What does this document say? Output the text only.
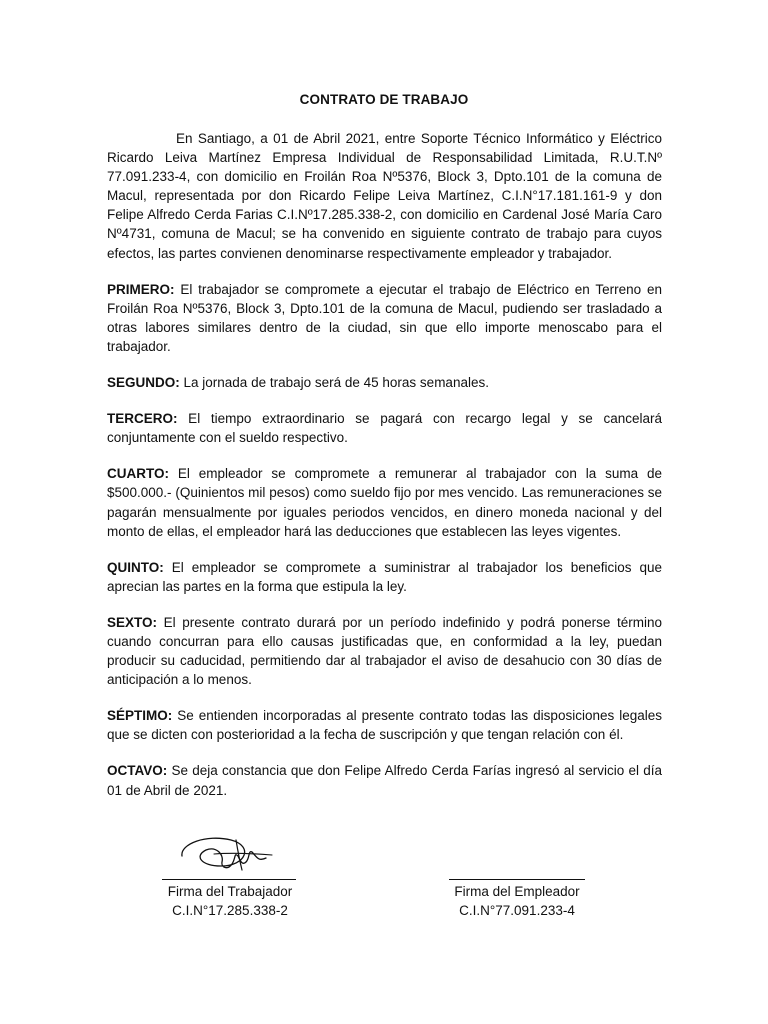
CONTRATO DE TRABAJO

En Santiago, a 01 de Abril 2021, entre Soporte Técnico Informático y Eléctrico Ricardo Leiva Martínez Empresa Individual de Responsabilidad Limitada, R.U.T.Nº 77.091.233-4, con domicilio en Froilán Roa Nº5376, Block 3, Dpto.101 de la comuna de Macul, representada por don Ricardo Felipe Leiva Martínez, C.I.N°17.181.161-9 y don Felipe Alfredo Cerda Farias C.I.Nº17.285.338-2, con domicilio en Cardenal José María Caro Nº4731, comuna de Macul; se ha convenido en siguiente contrato de trabajo para cuyos efectos, las partes convienen denominarse respectivamente empleador y trabajador.

PRIMERO: El trabajador se compromete a ejecutar el trabajo de Eléctrico en Terreno en Froilán Roa Nº5376, Block 3, Dpto.101 de la comuna de Macul, pudiendo ser trasladado a otras labores similares dentro de la ciudad, sin que ello importe menoscabo para el trabajador.

SEGUNDO: La jornada de trabajo será de 45 horas semanales.

TERCERO: El tiempo extraordinario se pagará con recargo legal y se cancelará conjuntamente con el sueldo respectivo.

CUARTO: El empleador se compromete a remunerar al trabajador con la suma de $500.000.- (Quinientos mil pesos) como sueldo fijo por mes vencido. Las remuneraciones se pagarán mensualmente por iguales periodos vencidos, en dinero moneda nacional y del monto de ellas, el empleador hará las deducciones que establecen las leyes vigentes.

QUINTO: El empleador se compromete a suministrar al trabajador los beneficios que aprecian las partes en la forma que estipula la ley.

SEXTO: El presente contrato durará por un período indefinido y podrá ponerse término cuando concurran para ello causas justificadas que, en conformidad a la ley, puedan producir su caducidad, permitiendo dar al trabajador el aviso de desahucio con 30 días de anticipación a lo menos.

SÉPTIMO: Se entienden incorporadas al presente contrato todas las disposiciones legales que se dicten con posterioridad a la fecha de suscripción y que tengan relación con él.

OCTAVO: Se deja constancia que don Felipe Alfredo Cerda Farías ingresó al servicio el día 01 de Abril de 2021.

Firma del Trabajador
C.I.N°17.285.338-2
Firma del Empleador
C.I.N°77.091.233-4
